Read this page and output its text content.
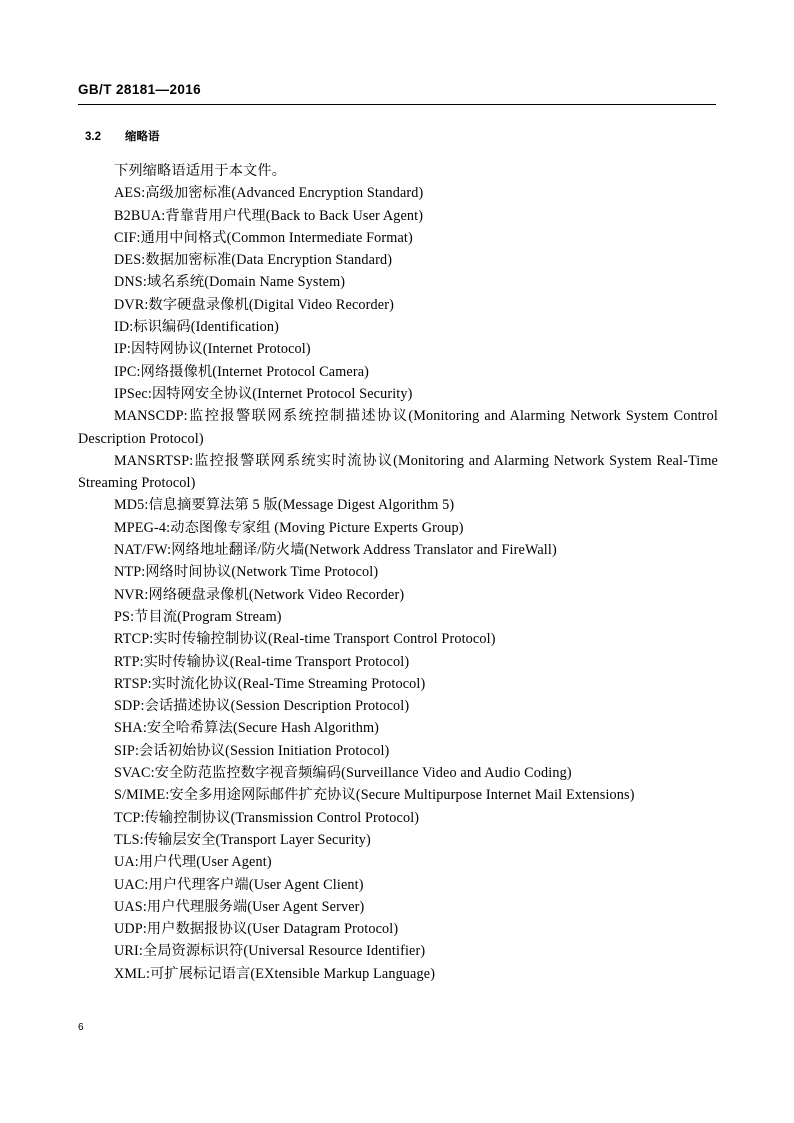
GB/T 28181—2016
3.2 缩略语

下列缩略语适用于本文件。

AES:高级加密标准(Advanced Encryption Standard)

B2BUA:背靠背用户代理(Back to Back User Agent)

CIF:通用中间格式(Common Intermediate Format)

DES:数据加密标准(Data Encryption Standard)

DNS:域名系统(Domain Name System)

DVR:数字硬盘录像机(Digital Video Recorder)

ID:标识编码(Identification)

IP:因特网协议(Internet Protocol)

IPC:网络摄像机(Internet Protocol Camera)

IPSec:因特网安全协议(Internet Protocol Security)

MANSCDP:监控报警联网系统控制描述协议(Monitoring and Alarming Network System Control Description Protocol)

MANSRTSP:监控报警联网系统实时流协议(Monitoring and Alarming Network System Real-Time Streaming Protocol)

MD5:信息摘要算法第 5 版(Message Digest Algorithm 5)

MPEG-4:动态图像专家组 (Moving Picture Experts Group)

NAT/FW:网络地址翻译/防火墙(Network Address Translator and FireWall)

NTP:网络时间协议(Network Time Protocol)

NVR:网络硬盘录像机(Network Video Recorder)

PS:节目流(Program Stream)

RTCP:实时传输控制协议(Real-time Transport Control Protocol)

RTP:实时传输协议(Real-time Transport Protocol)

RTSP:实时流化协议(Real-Time Streaming Protocol)

SDP:会话描述协议(Session Description Protocol)

SHA:安全哈希算法(Secure Hash Algorithm)

SIP:会话初始协议(Session Initiation Protocol)

SVAC:安全防范监控数字视音频编码(Surveillance Video and Audio Coding)

S/MIME:安全多用途网际邮件扩充协议(Secure Multipurpose Internet Mail Extensions)

TCP:传输控制协议(Transmission Control Protocol)

TLS:传输层安全(Transport Layer Security)

UA:用户代理(User Agent)

UAC:用户代理客户端(User Agent Client)

UAS:用户代理服务端(User Agent Server)

UDP:用户数据报协议(User Datagram Protocol)

URI:全局资源标识符(Universal Resource Identifier)

XML:可扩展标记语言(EXtensible Markup Language)

6
